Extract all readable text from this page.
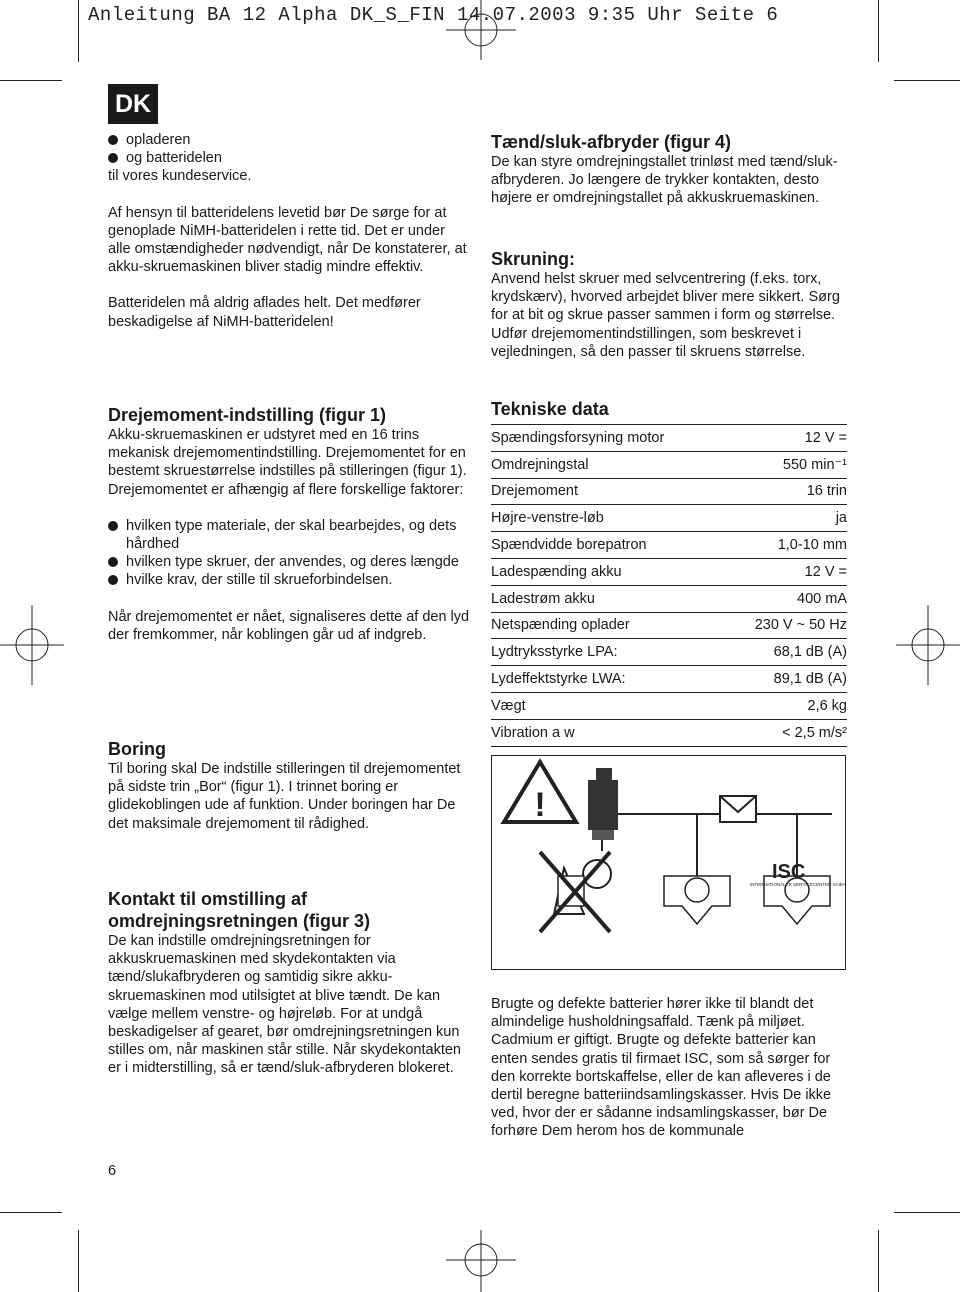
Anleitung BA 12 Alpha DK_S_FIN 14.07.2003 9:35 Uhr Seite 6
DK

opladeren

og batteridelen

til vores kundeservice.

Af hensyn til batteridelens levetid bør De sørge for at genoplade NiMH-batteridelen i rette tid. Det er under alle omstændigheder nødvendigt, når De konstaterer, at akku-skruemaskinen bliver stadig mindre effektiv.

Batteridelen må aldrig aflades helt. Det medfører beskadigelse af NiMH-batteridelen!

Drejemoment-indstilling (figur 1)

Akku-skruemaskinen er udstyret med en 16 trins mekanisk drejemomentindstilling. Drejemomentet for en bestemt skruestørrelse indstilles på stilleringen (figur 1). Drejemomentet er afhængig af flere forskellige faktorer:

hvilken type materiale, der skal bearbejdes, og dets hårdhed

hvilken type skruer, der anvendes, og deres længde

hvilke krav, der stille til skrueforbindelsen.

Når drejemomentet er nået, signaliseres dette af den lyd der fremkommer, når koblingen går ud af indgreb.

Boring

Til boring skal De indstille stilleringen til drejemomentet på sidste trin „Bor“ (figur 1). I trinnet boring er glidekoblingen ude af funktion. Under boringen har De det maksimale drejemoment til rådighed.

Kontakt til omstilling af omdrejningsretningen (figur 3)

De kan indstille omdrejningsretningen for akkuskruemaskinen med skydekontakten via tænd/slukafbryderen og samtidig sikre akku-skruemaskinen mod utilsigtet at blive tændt. De kan vælge mellem venstre- og højreløb. For at undgå beskadigelser af gearet, bør omdrejningsretningen kun stilles om, når maskinen står stille. Når skydekontakten er i midterstilling, så er tænd/sluk-afbryderen blokeret.

Tænd/sluk-afbryder (figur 4)

De kan styre omdrejningstallet trinløst med tænd/sluk-afbryderen. Jo længere de trykker kontakten, desto højere er omdrejningstallet på akkuskruemaskinen.

Skruning:

Anvend helst skruer med selvcentrering (f.eks. torx, krydskærv), hvorved arbejdet bliver mere sikkert. Sørg for at bit og skrue passer sammen i form og størrelse. Udfør drejemomentindstillingen, som beskrevet i vejledningen, så den passer til skruens størrelse.

Tekniske data

Spændingsforsyning motor	12 V =
Omdrejningstal	550 min⁻¹
Drejemoment	16 trin
Højre-venstre-løb	ja
Spændvidde borepatron	1,0-10 mm
Ladespænding akku	12 V =
Ladestrøm akku	400 mA
Netspænding oplader	230 V ~ 50 Hz
Lydtryksstyrke LPA:	68,1 dB (A)
Lydeffektstyrke LWA:	89,1 dB (A)
Vægt	2,6 kg
Vibration a w	< 2,5 m/s²
!
ISC
INTERNATIONALER SERVICECENTER GmbH

Brugte og defekte batterier hører ikke til blandt det almindelige husholdningsaffald. Tænk på miljøet. Cadmium er giftigt. Brugte og defekte batterier kan enten sendes gratis til firmaet ISC, som så sørger for den korrekte bortskaffelse, eller de kan afleveres i de dertil beregne batteriindsamlingskasser. Hvis De ikke ved, hvor der er sådanne indsamlingskasser, bør De forhøre Dem herom hos de kommunale

6
